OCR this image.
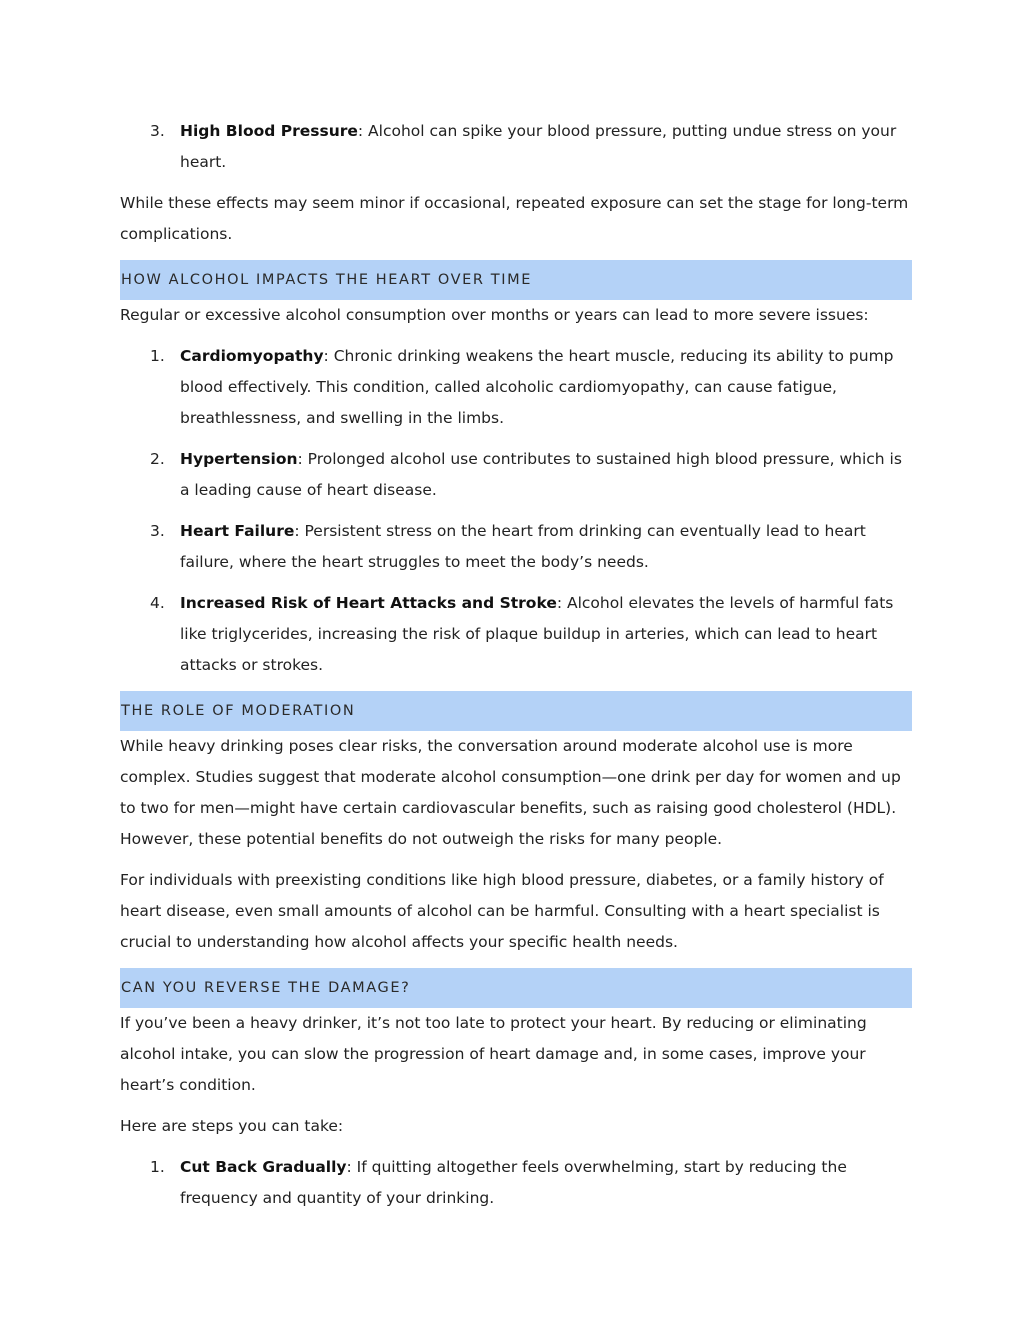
3. High Blood Pressure: Alcohol can spike your blood pressure, putting undue stress on your heart.

While these effects may seem minor if occasional, repeated exposure can set the stage for long-term complications.

HOW ALCOHOL IMPACTS THE HEART OVER TIME

Regular or excessive alcohol consumption over months or years can lead to more severe issues:

1. Cardiomyopathy: Chronic drinking weakens the heart muscle, reducing its ability to pump blood effectively. This condition, called alcoholic cardiomyopathy, can cause fatigue, breathlessness, and swelling in the limbs.
2. Hypertension: Prolonged alcohol use contributes to sustained high blood pressure, which is a leading cause of heart disease.
3. Heart Failure: Persistent stress on the heart from drinking can eventually lead to heart failure, where the heart struggles to meet the body’s needs.
4. Increased Risk of Heart Attacks and Stroke: Alcohol elevates the levels of harmful fats like triglycerides, increasing the risk of plaque buildup in arteries, which can lead to heart attacks or strokes.
THE ROLE OF MODERATION

While heavy drinking poses clear risks, the conversation around moderate alcohol use is more complex. Studies suggest that moderate alcohol consumption—one drink per day for women and up to two for men—might have certain cardiovascular benefits, such as raising good cholesterol (HDL). However, these potential benefits do not outweigh the risks for many people.

For individuals with preexisting conditions like high blood pressure, diabetes, or a family history of heart disease, even small amounts of alcohol can be harmful. Consulting with a heart specialist is crucial to understanding how alcohol affects your specific health needs.

CAN YOU REVERSE THE DAMAGE?

If you’ve been a heavy drinker, it’s not too late to protect your heart. By reducing or eliminating alcohol intake, you can slow the progression of heart damage and, in some cases, improve your heart’s condition.

Here are steps you can take:

1. Cut Back Gradually: If quitting altogether feels overwhelming, start by reducing the frequency and quantity of your drinking.
